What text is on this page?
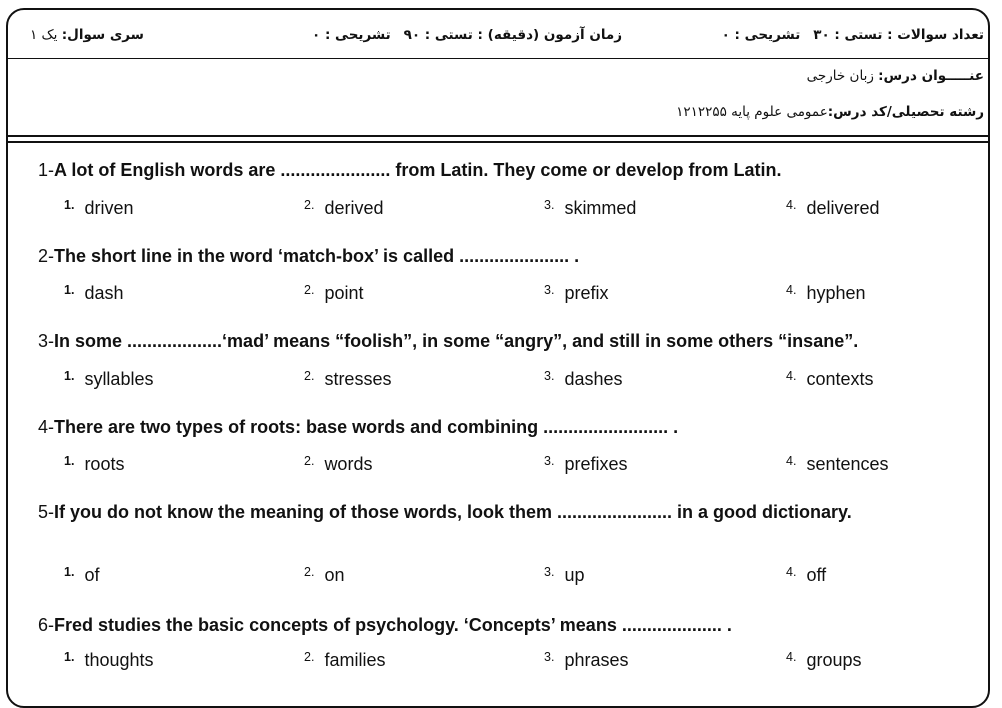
تعداد سوالات : تستی : ۳۰   تشریحی : ۰
زمان آزمون (دقیقه) : تستی : ۹۰   تشریحی : ۰
سری سوال: یک ۱
عنـــــوان درس: زبان خارجی
رشته تحصیلی/کد درس:عمومی علوم پایه ۱۲۱۲۲۵۵
1-A lot of English words are ...................... from Latin. They come or develop from Latin.
$^{1.}$ driven	$^{2.}$ derived	$^{3.}$ skimmed	$^{4.}$ delivered
2-The short line in the word ‘match-box’ is called ...................... .
$^{1.}$ dash	$^{2.}$ point	$^{3.}$ prefix	$^{4.}$ hyphen
3-In some ...................‘mad’ means “foolish”, in some “angry”, and still in some others “insane”.
$^{1.}$ syllables	$^{2.}$ stresses	$^{3.}$ dashes	$^{4.}$ contexts
4-There are two types of roots: base words and combining ......................... .
$^{1.}$ roots	$^{2.}$ words	$^{3.}$ prefixes	$^{4.}$ sentences
5-If you do not know the meaning of those words, look them ....................... in a good dictionary.
$^{1.}$ of	$^{2.}$ on	$^{3.}$ up	$^{4.}$ off
6-Fred studies the basic concepts of psychology. ‘Concepts’ means .................... .
$^{1.}$ thoughts	$^{2.}$ families	$^{3.}$ phrases	$^{4.}$ groups
